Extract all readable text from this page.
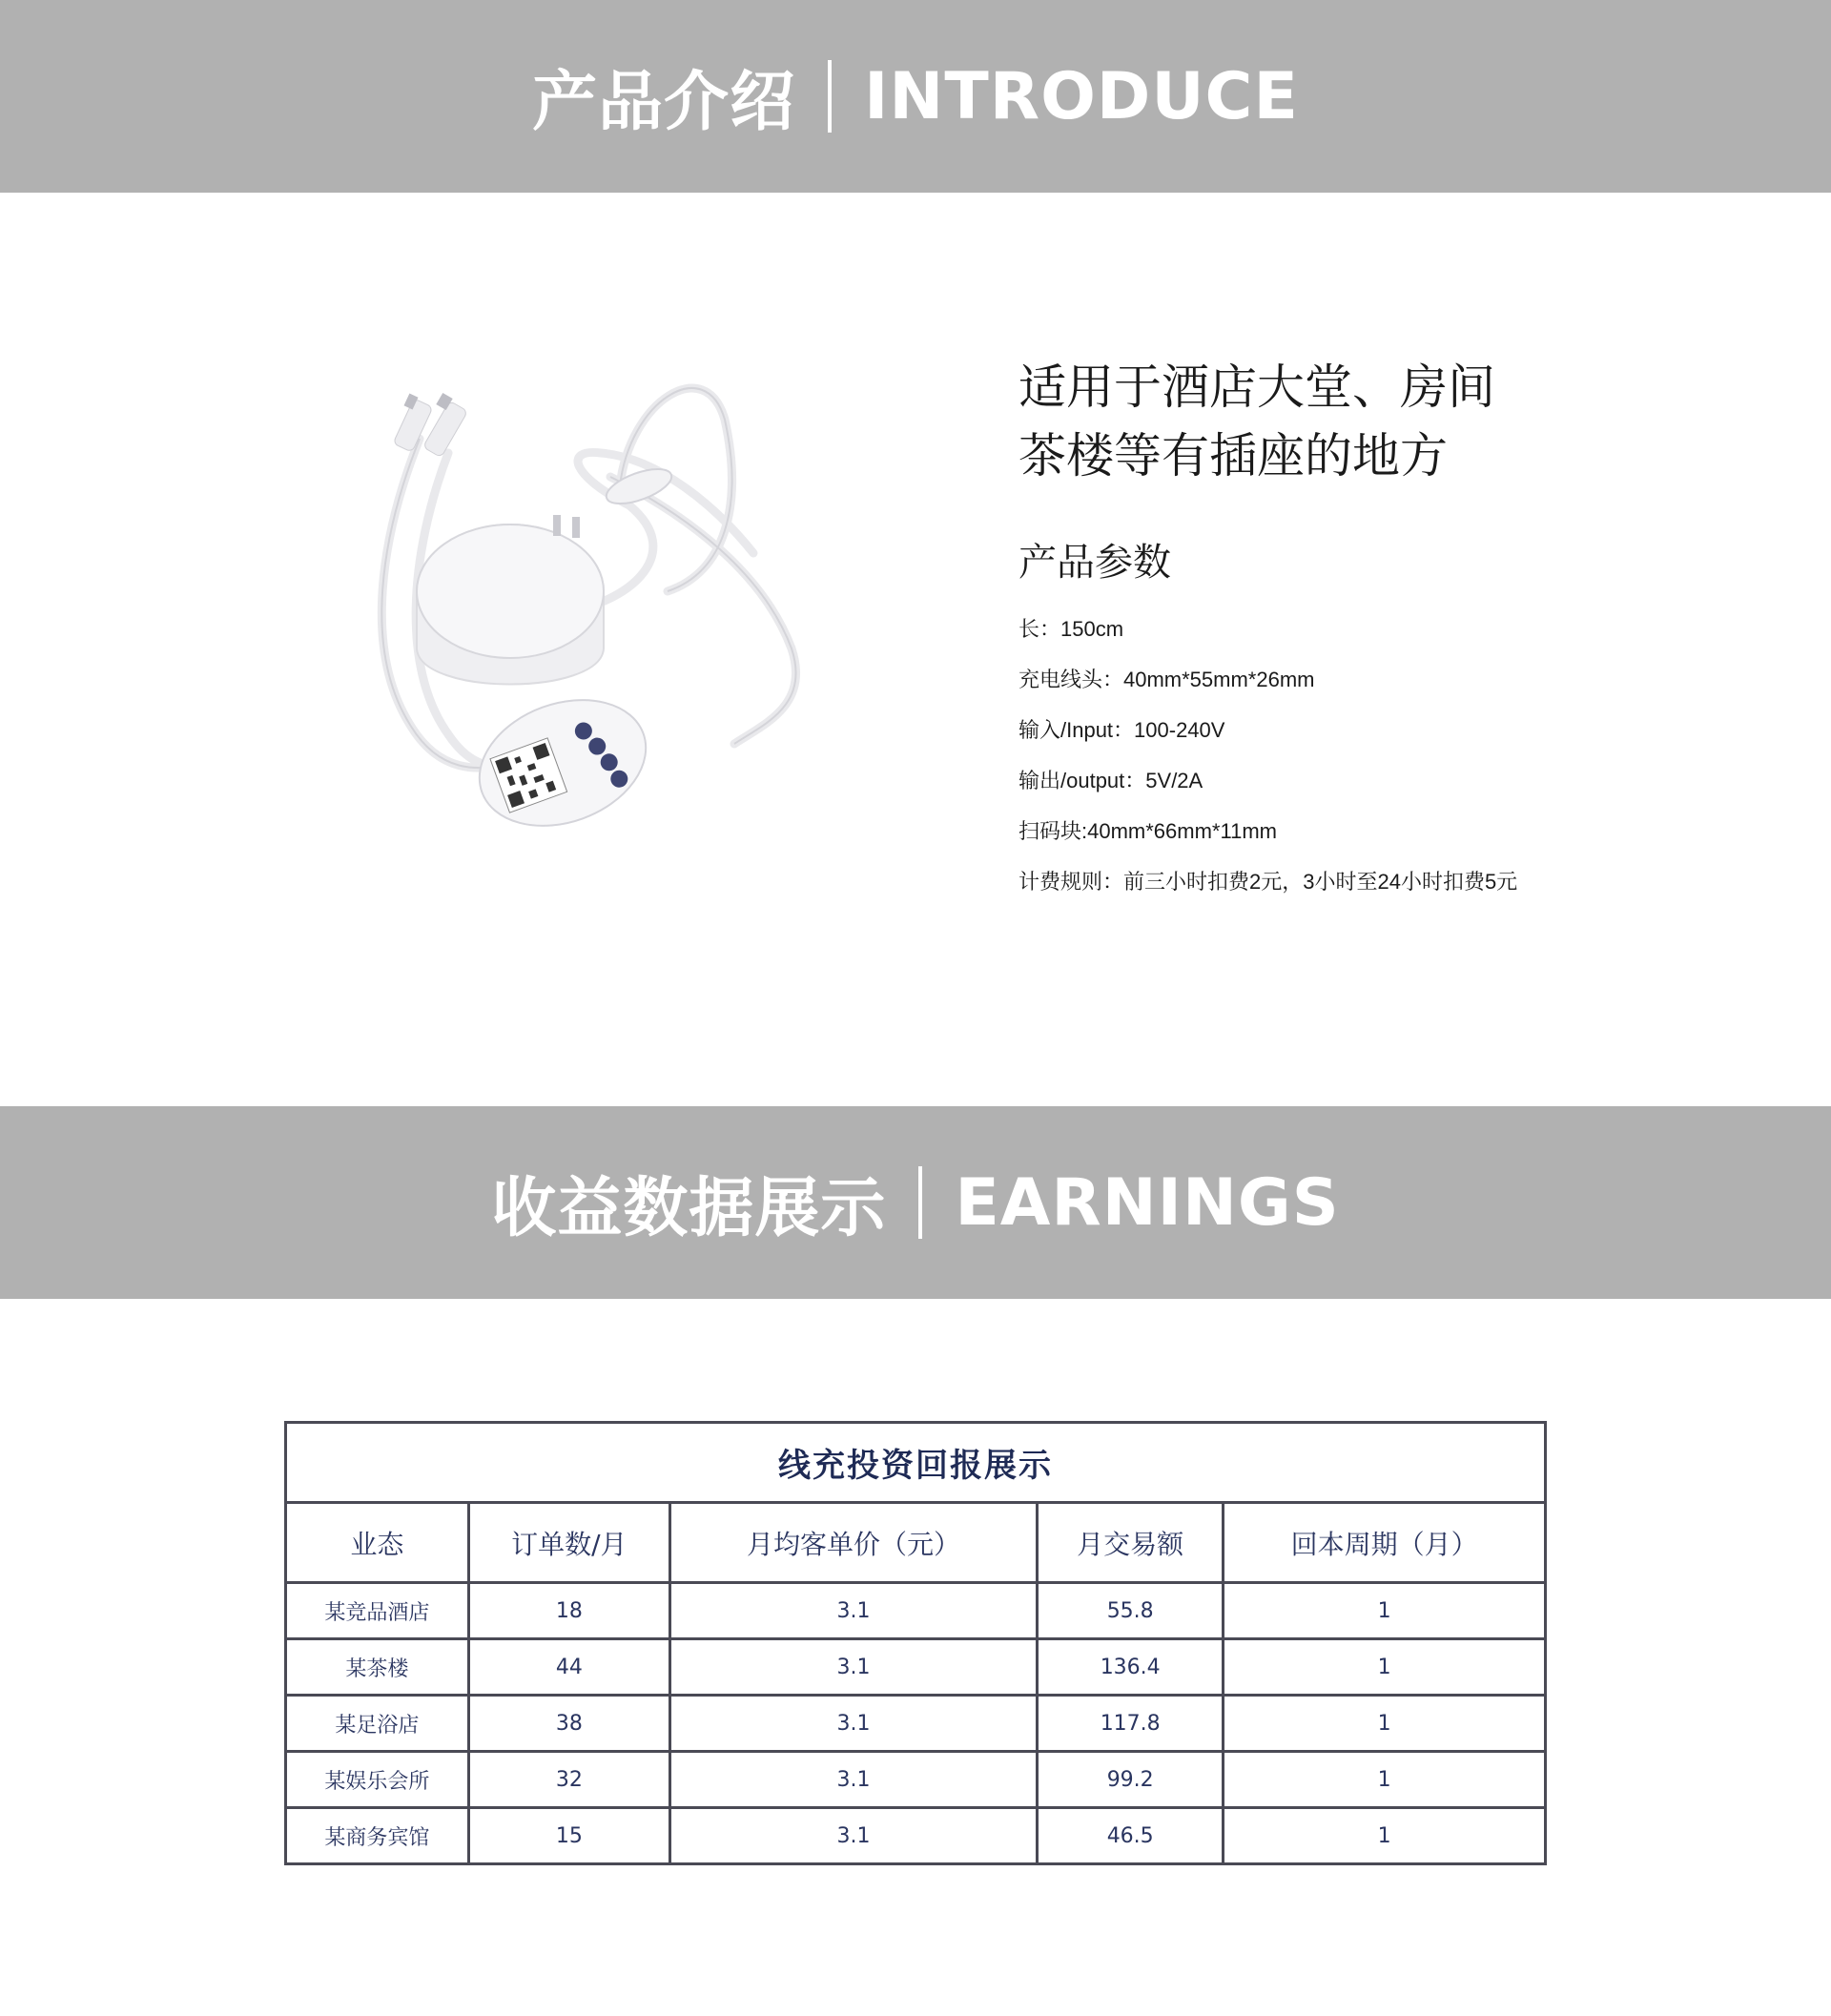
产品介绍 INTRODUCE
适用于酒店大堂、房间
茶楼等有插座的地方
产品参数
长：150cm
充电线头：40mm*55mm*26mm
输入/Input：100-240V
输出/output：5V/2A
扫码块:40mm*66mm*11mm
计费规则：前三小时扣费2元，3小时至24小时扣费5元
收益数据展示 EARNINGS
线充投资回报展示				
业态	订单数/月	月均客单价（元）	月交易额	回本周期（月）
某竞品酒店	18	3.1	55.8	1
某茶楼	44	3.1	136.4	1
某足浴店	38	3.1	117.8	1
某娱乐会所	32	3.1	99.2	1
某商务宾馆	15	3.1	46.5	1
